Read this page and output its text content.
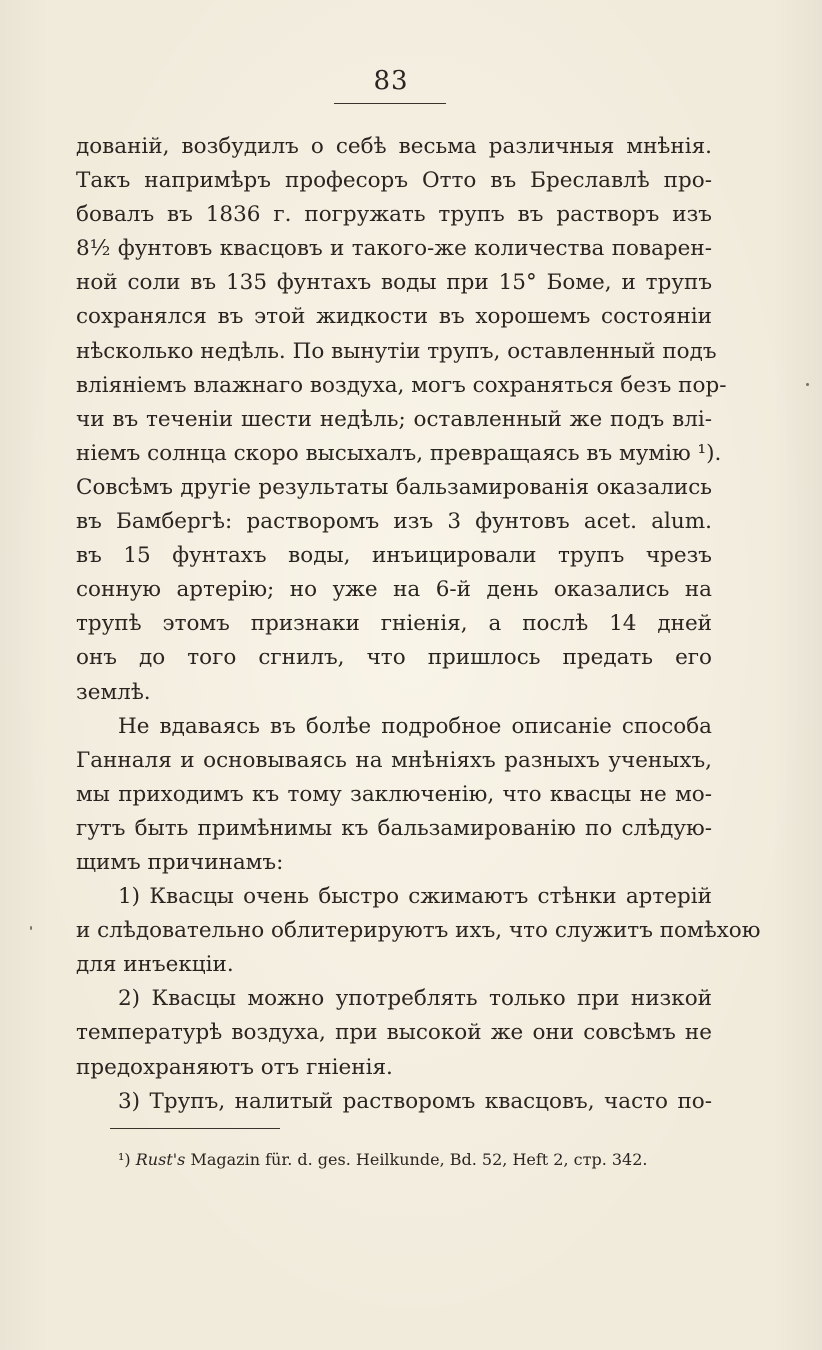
83
дованій, возбудилъ о себѣ весьма различныя мнѣнія.
Такъ напримѣръ професоръ Отто въ Бреславлѣ про-
бовалъ въ 1836 г. погружать трупъ въ растворъ изъ
8½ фунтовъ квасцовъ и такого-же количества поварен-
ной соли въ 135 фунтахъ воды при 15° Боме, и трупъ
сохранялся въ этой жидкости въ хорошемъ состояніи
нѣсколько недѣль. По вынутіи трупъ, оставленный подъ
вліяніемъ влажнаго воздуха, могъ сохраняться безъ пор-
чи въ теченіи шести недѣль; оставленный же подъ влі-
ніемъ солнца скоро высыхалъ, превращаясь въ мумію ¹).
Совсѣмъ другіе результаты бальзамированія оказались
въ Бамбергѣ: растворомъ изъ 3 фунтовъ acet. alum.
въ 15 фунтахъ воды, инъицировали трупъ чрезъ
сонную артерію; но уже на 6-й день оказались на
трупѣ этомъ признаки гніенія, а послѣ 14 дней
онъ до того сгнилъ, что пришлось предать его
землѣ.
Не вдаваясь въ болѣе подробное описаніе способа
Ганналя и основываясь на мнѣніяхъ разныхъ ученыхъ,
мы приходимъ къ тому заключенію, что квасцы не мо-
гутъ быть примѣнимы къ бальзамированію по слѣдую-
щимъ причинамъ:
1) Квасцы очень быстро сжимаютъ стѣнки артерій
и слѣдовательно облитерируютъ ихъ, что служитъ помѣхою
для инъекціи.
2) Квасцы можно употреблять только при низкой
температурѣ воздуха, при высокой же они совсѣмъ не
предохраняютъ отъ гніенія.
3) Трупъ, налитый растворомъ квасцовъ, часто по-
¹) Rust's Magazin für. d. ges. Heilkunde, Bd. 52, Heft 2, стр. 342.
